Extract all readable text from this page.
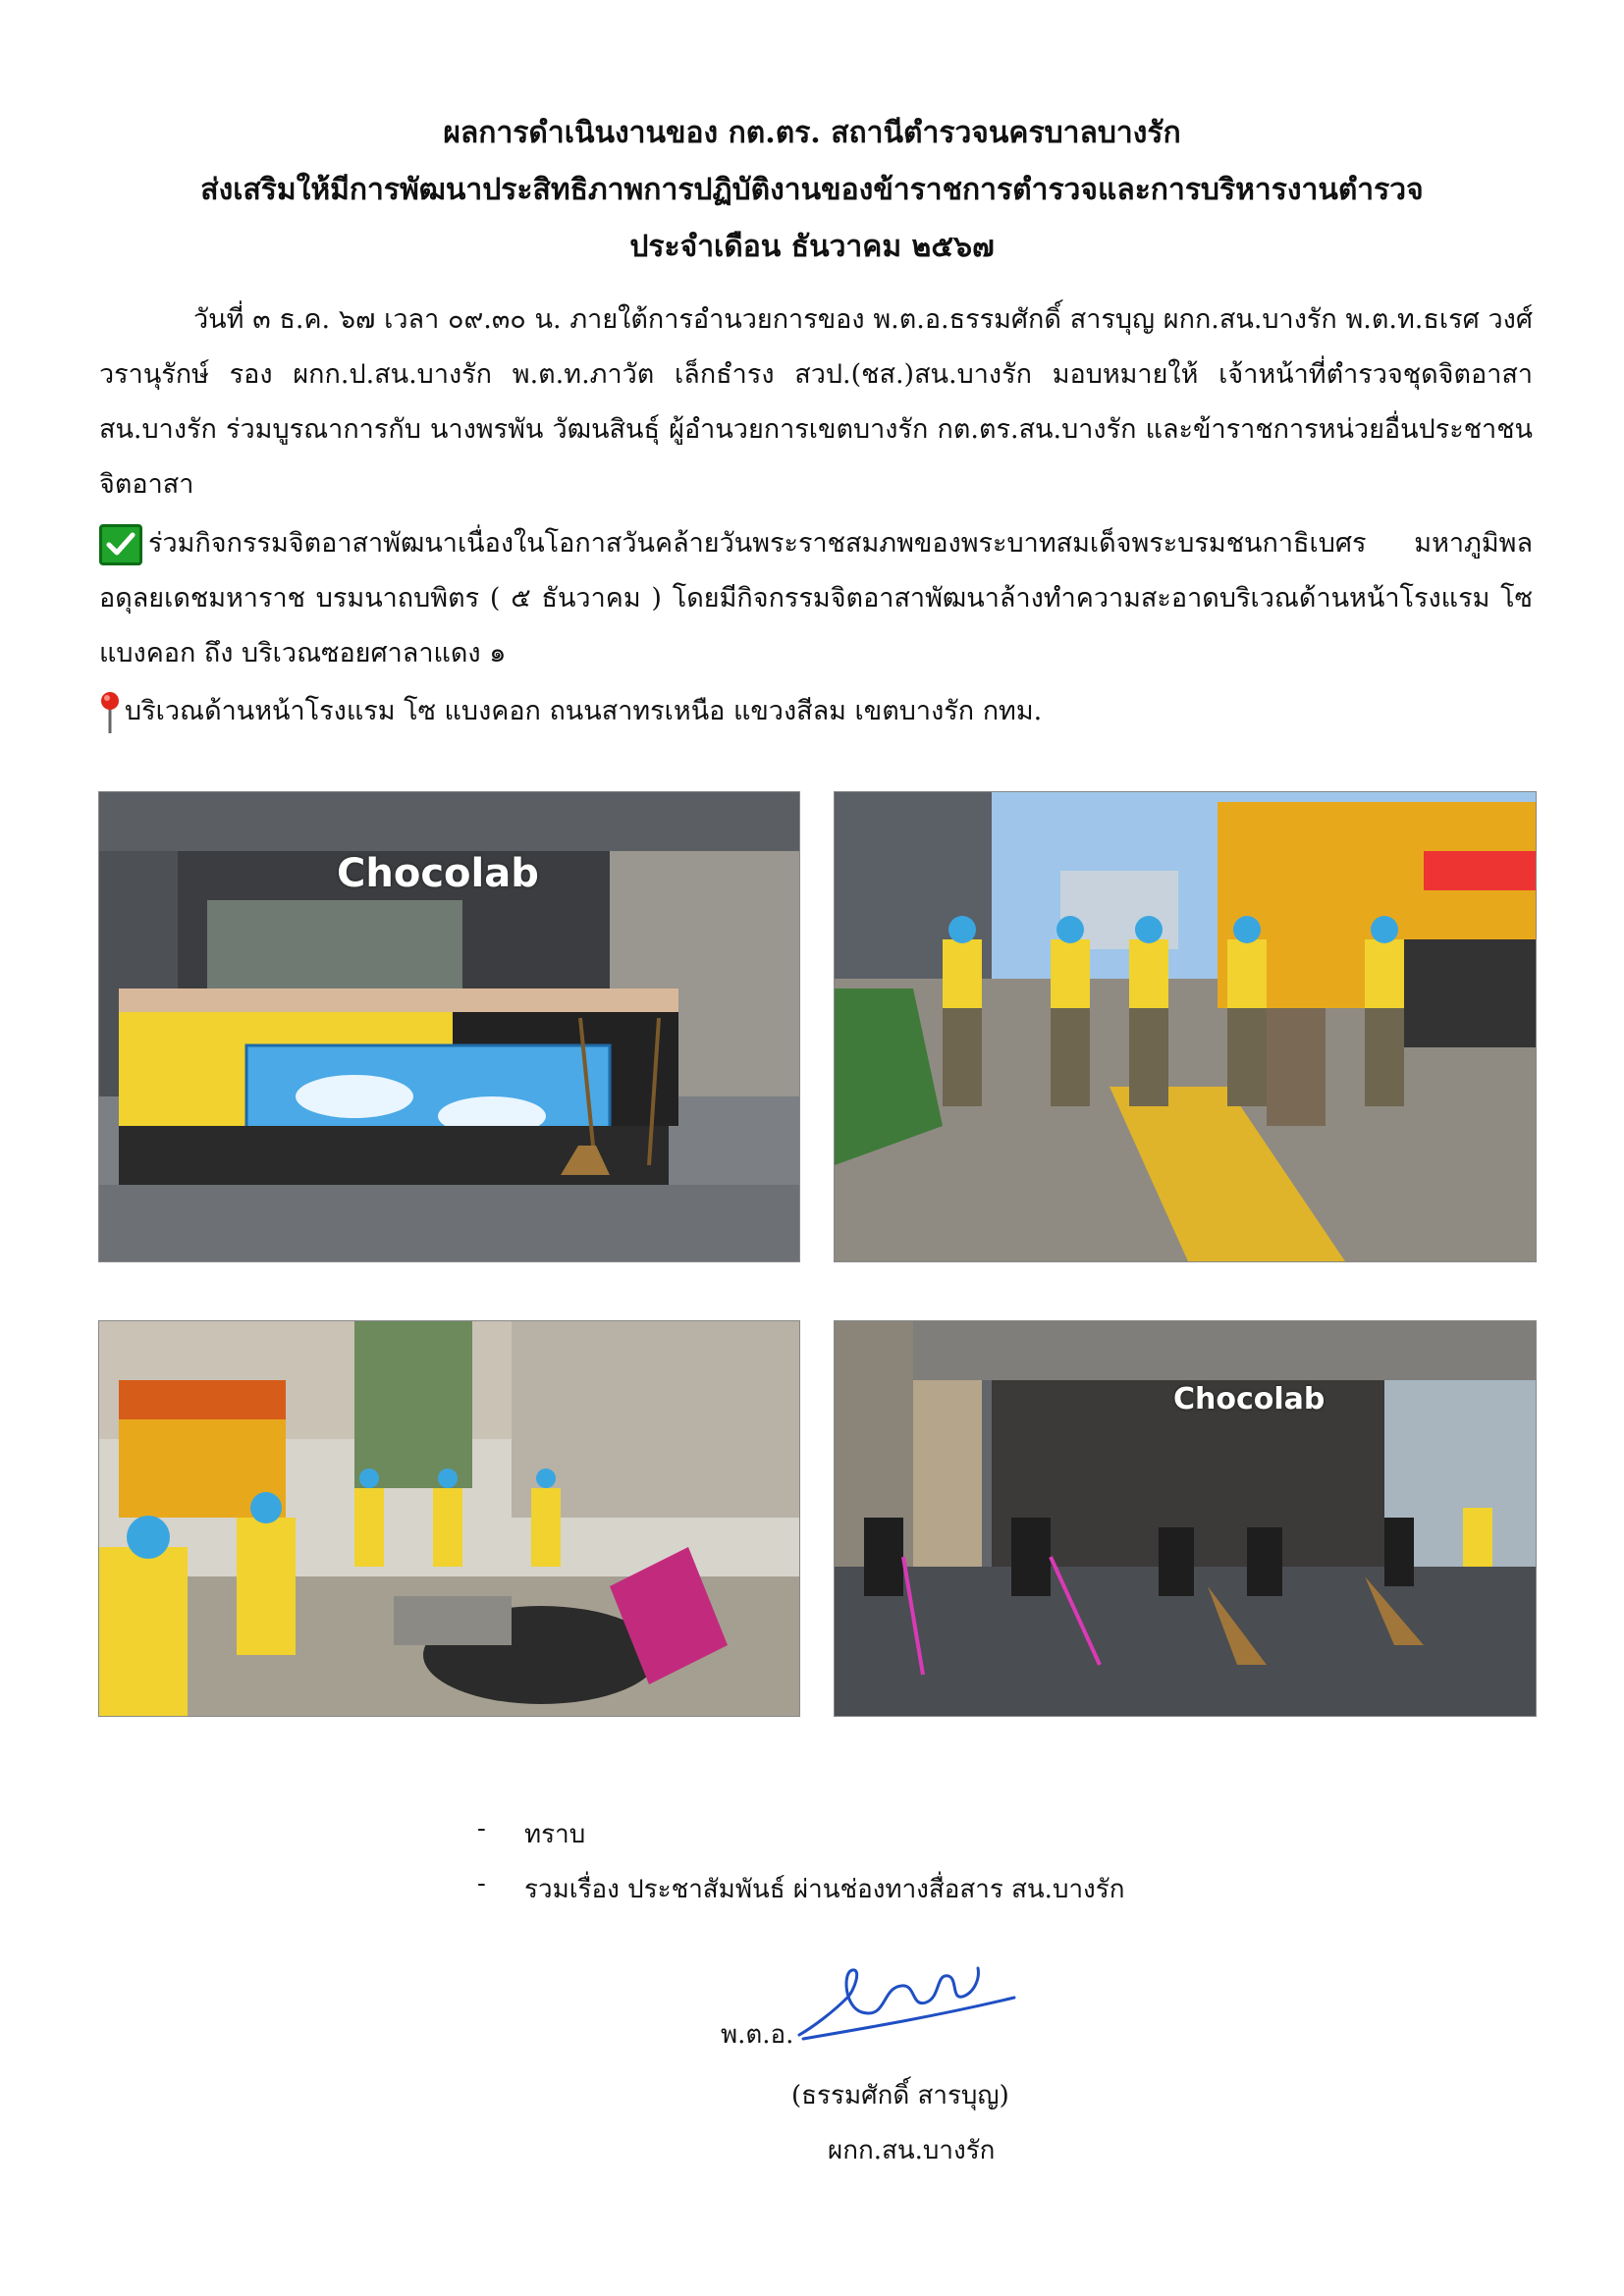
ผลการดำเนินงานของ กต.ตร. สถานีตำรวจนครบาลบางรัก
ส่งเสริมให้มีการพัฒนาประสิทธิภาพการปฏิบัติงานของข้าราชการตำรวจและการบริหารงานตำรวจ
ประจำเดือน ธันวาคม ๒๕๖๗
วันที่ ๓ ธ.ค. ๖๗ เวลา ๐๙.๓๐ น. ภายใต้การอำนวยการของ พ.ต.อ.ธรรมศักดิ์ สารบุญ ผกก.สน.บางรัก พ.ต.ท.ธเรศ วงศ์วรานุรักษ์ รอง ผกก.ป.สน.บางรัก พ.ต.ท.ภาวัต เล็กธำรง สวป.(ชส.)สน.บางรัก มอบหมายให้ เจ้าหน้าที่ตำรวจชุดจิตอาสา สน.บางรัก ร่วมบูรณาการกับ นางพรพัน วัฒนสินธุ์ ผู้อำนวยการเขตบางรัก กต.ตร.สน.บางรัก และข้าราชการหน่วยอื่นประชาชนจิตอาสา
ร่วมกิจกรรมจิตอาสาพัฒนาเนื่องในโอกาสวันคล้ายวันพระราชสมภพของพระบาทสมเด็จพระบรมชนกาธิเบศร มหาภูมิพลอดุลยเดชมหาราช บรมนาถบพิตร ( ๕ ธันวาคม ) โดยมีกิจกรรมจิตอาสาพัฒนาล้างทำความสะอาดบริเวณด้านหน้าโรงแรม โซ แบงคอก ถึง บริเวณซอยศาลาแดง ๑
บริเวณด้านหน้าโรงแรม โซ แบงคอก ถนนสาทรเหนือ แขวงสีลม เขตบางรัก กทม.
Chocolab
Chocolab
- ทราบ
- รวมเรื่อง ประชาสัมพันธ์ ผ่านช่องทางสื่อสาร สน.บางรัก
พ.ต.อ.
(ธรรมศักดิ์ สารบุญ)
ผกก.สน.บางรัก
